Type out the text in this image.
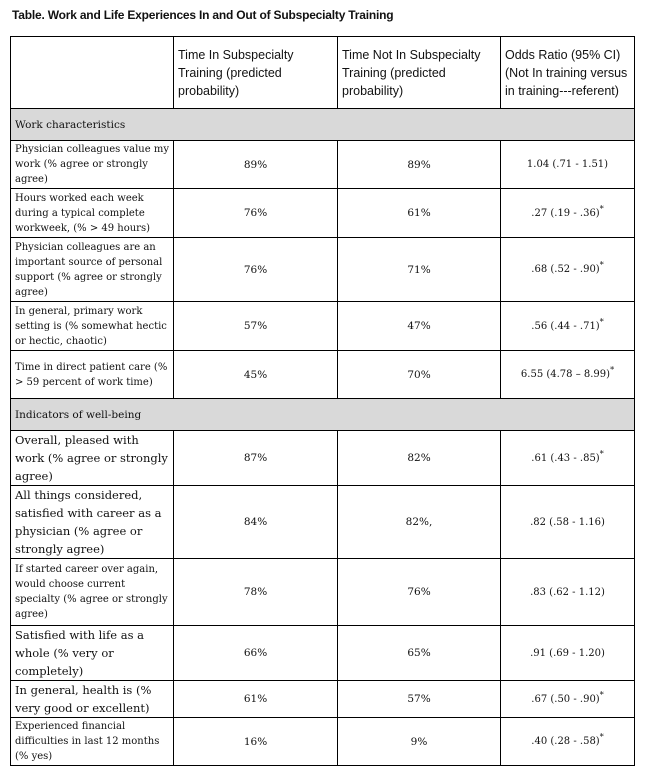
Table. Work and Life Experiences In and Out of Subspecialty Training
	Time In Subspecialty Training (predicted probability)	Time Not In Subspecialty Training (predicted probability)	Odds Ratio (95% CI) (Not In training versus in training---referent)
Work characteristics			
Physician colleagues value my work (% agree or strongly agree)	89%	89%	1.04 (.71 - 1.51)
Hours worked each week during a typical complete workweek, (% > 49 hours)	76%	61%	.27 (.19 - .36)*
Physician colleagues are an important source of personal support (% agree or strongly agree)	76%	71%	.68 (.52 - .90)*
In general, primary work setting is (% somewhat hectic or hectic, chaotic)	57%	47%	.56 (.44 - .71)*
Time in direct patient care (% > 59 percent of work time)	45%	70%	6.55 (4.78 – 8.99)*
Indicators of well-being			
Overall, pleased with work (% agree or strongly agree)	87%	82%	.61 (.43 - .85)*
All things considered, satisfied with career as a physician (% agree or strongly agree)	84%	82%,	.82 (.58 - 1.16)
If started career over again, would choose current specialty (% agree or strongly agree)	78%	76%	.83 (.62 - 1.12)
Satisfied with life as a whole (% very or completely)	66%	65%	.91 (.69 - 1.20)
In general, health is (% very good or excellent)	61%	57%	.67 (.50 - .90)*
Experienced financial difficulties in last 12 months (% yes)	16%	9%	.40 (.28 - .58)*
